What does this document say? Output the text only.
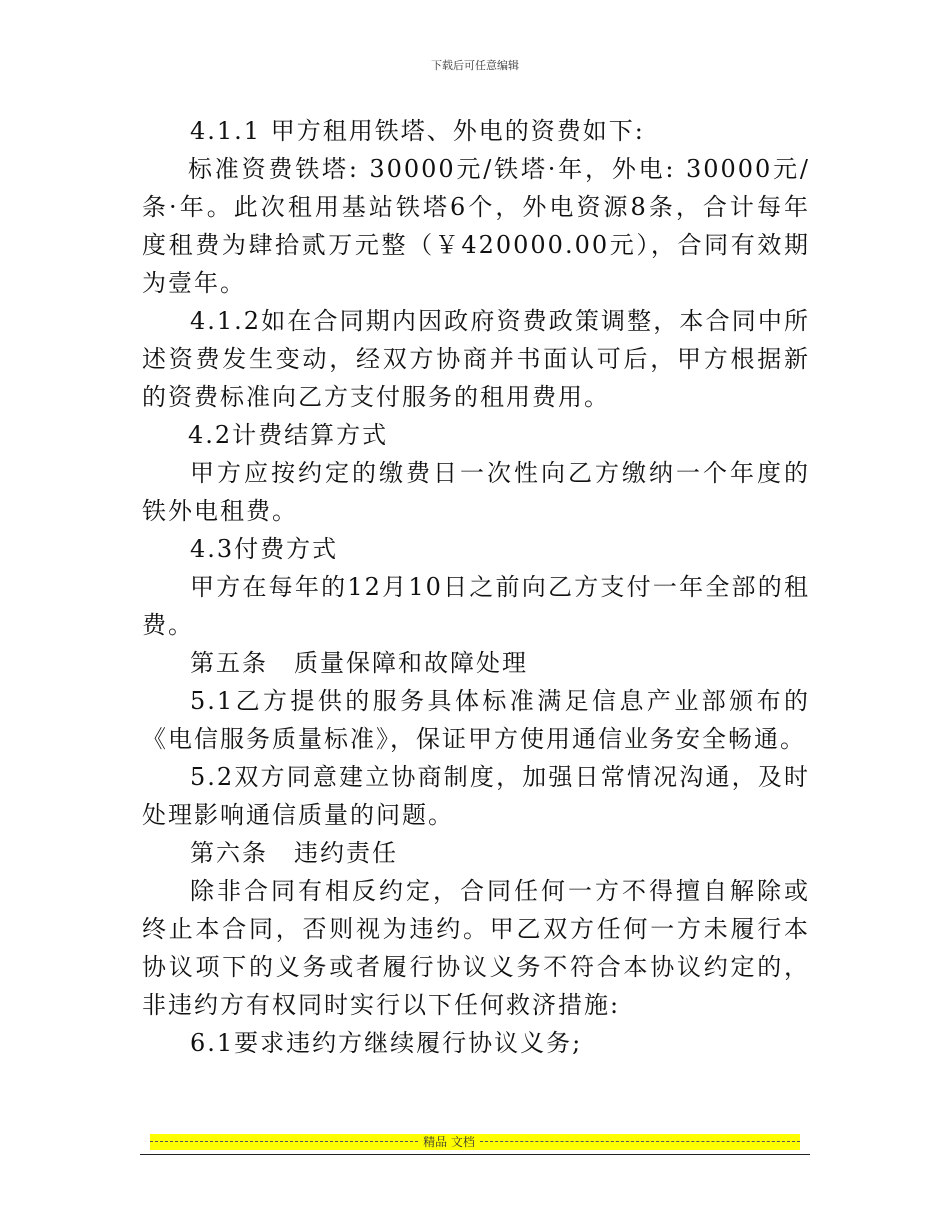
下载后可任意编辑

4.1.1 甲方租用铁塔、外电的资费如下:

标准资费铁塔: 30000元/铁塔·年，外电: 30000元/条·年。此次租用基站铁塔6个，外电资源8条，合计每年度租费为肆拾贰万元整（￥420000.00元），合同有效期为壹年。

4.1.2如在合同期内因政府资费政策调整，本合同中所述资费发生变动，经双方协商并书面认可后，甲方根据新的资费标准向乙方支付服务的租用费用。

4.2计费结算方式

甲方应按约定的缴费日一次性向乙方缴纳一个年度的铁外电租费。

4.3付费方式

甲方在每年的12月10日之前向乙方支付一年全部的租费。

第五条　质量保障和故障处理

5.1乙方提供的服务具体标准满足信息产业部颁布的《电信服务质量标准》，保证甲方使用通信业务安全畅通。

5.2双方同意建立协商制度，加强日常情况沟通，及时处理影响通信质量的问题。

第六条　违约责任

除非合同有相反约定，合同任何一方不得擅自解除或终止本合同，否则视为违约。甲乙双方任何一方未履行本协议项下的义务或者履行协议义务不符合本协议约定的，非违约方有权同时实行以下任何救济措施:

6.1要求违约方继续履行协议义务;

精品 文档
